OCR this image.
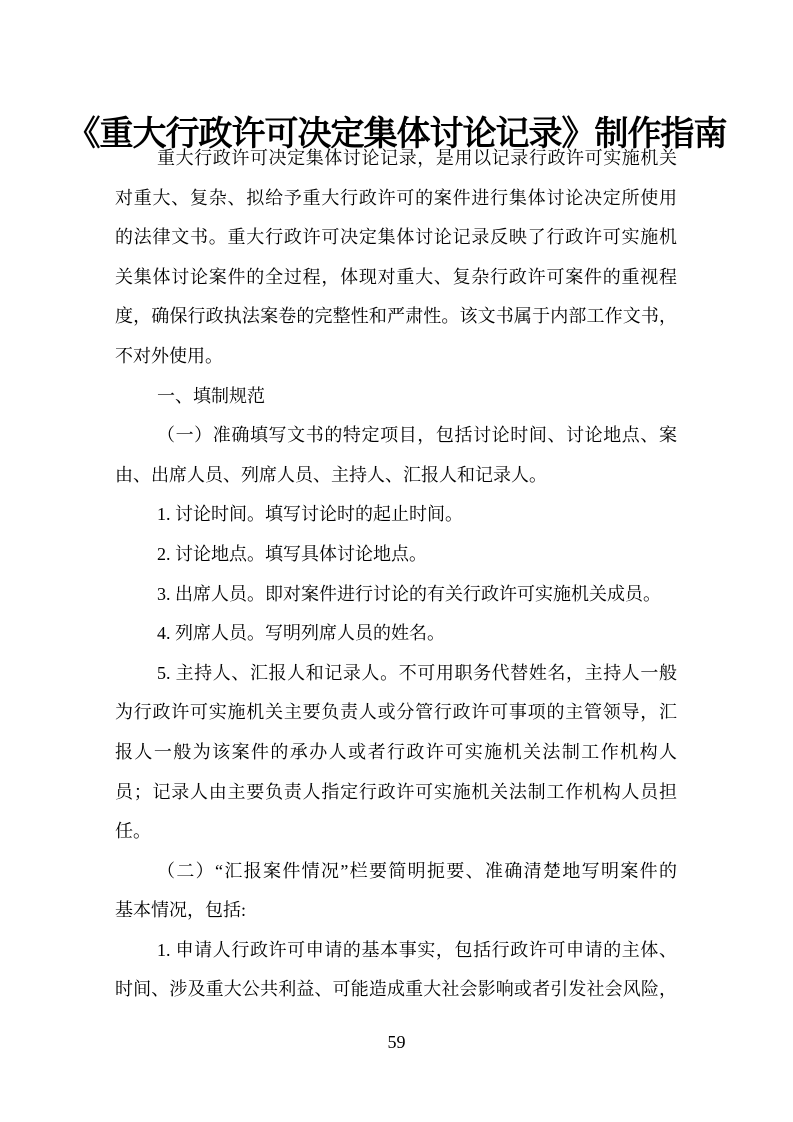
《重大行政许可决定集体讨论记录》制作指南
重大行政许可决定集体讨论记录，是用以记录行政许可实施机关
对重大、复杂、拟给予重大行政许可的案件进行集体讨论决定所使用
的法律文书。重大行政许可决定集体讨论记录反映了行政许可实施机
关集体讨论案件的全过程，体现对重大、复杂行政许可案件的重视程
度，确保行政执法案卷的完整性和严肃性。该文书属于内部工作文书，
不对外使用。
一、填制规范
（一）准确填写文书的特定项目，包括讨论时间、讨论地点、案
由、出席人员、列席人员、主持人、汇报人和记录人。
1. 讨论时间。填写讨论时的起止时间。
2. 讨论地点。填写具体讨论地点。
3. 出席人员。即对案件进行讨论的有关行政许可实施机关成员。
4. 列席人员。写明列席人员的姓名。
5. 主持人、汇报人和记录人。不可用职务代替姓名，主持人一般
为行政许可实施机关主要负责人或分管行政许可事项的主管领导，汇
报人一般为该案件的承办人或者行政许可实施机关法制工作机构人
员；记录人由主要负责人指定行政许可实施机关法制工作机构人员担
任。
（二）“汇报案件情况”栏要简明扼要、准确清楚地写明案件的
基本情况，包括:
1. 申请人行政许可申请的基本事实，包括行政许可申请的主体、
时间、涉及重大公共利益、可能造成重大社会影响或者引发社会风险，
59
